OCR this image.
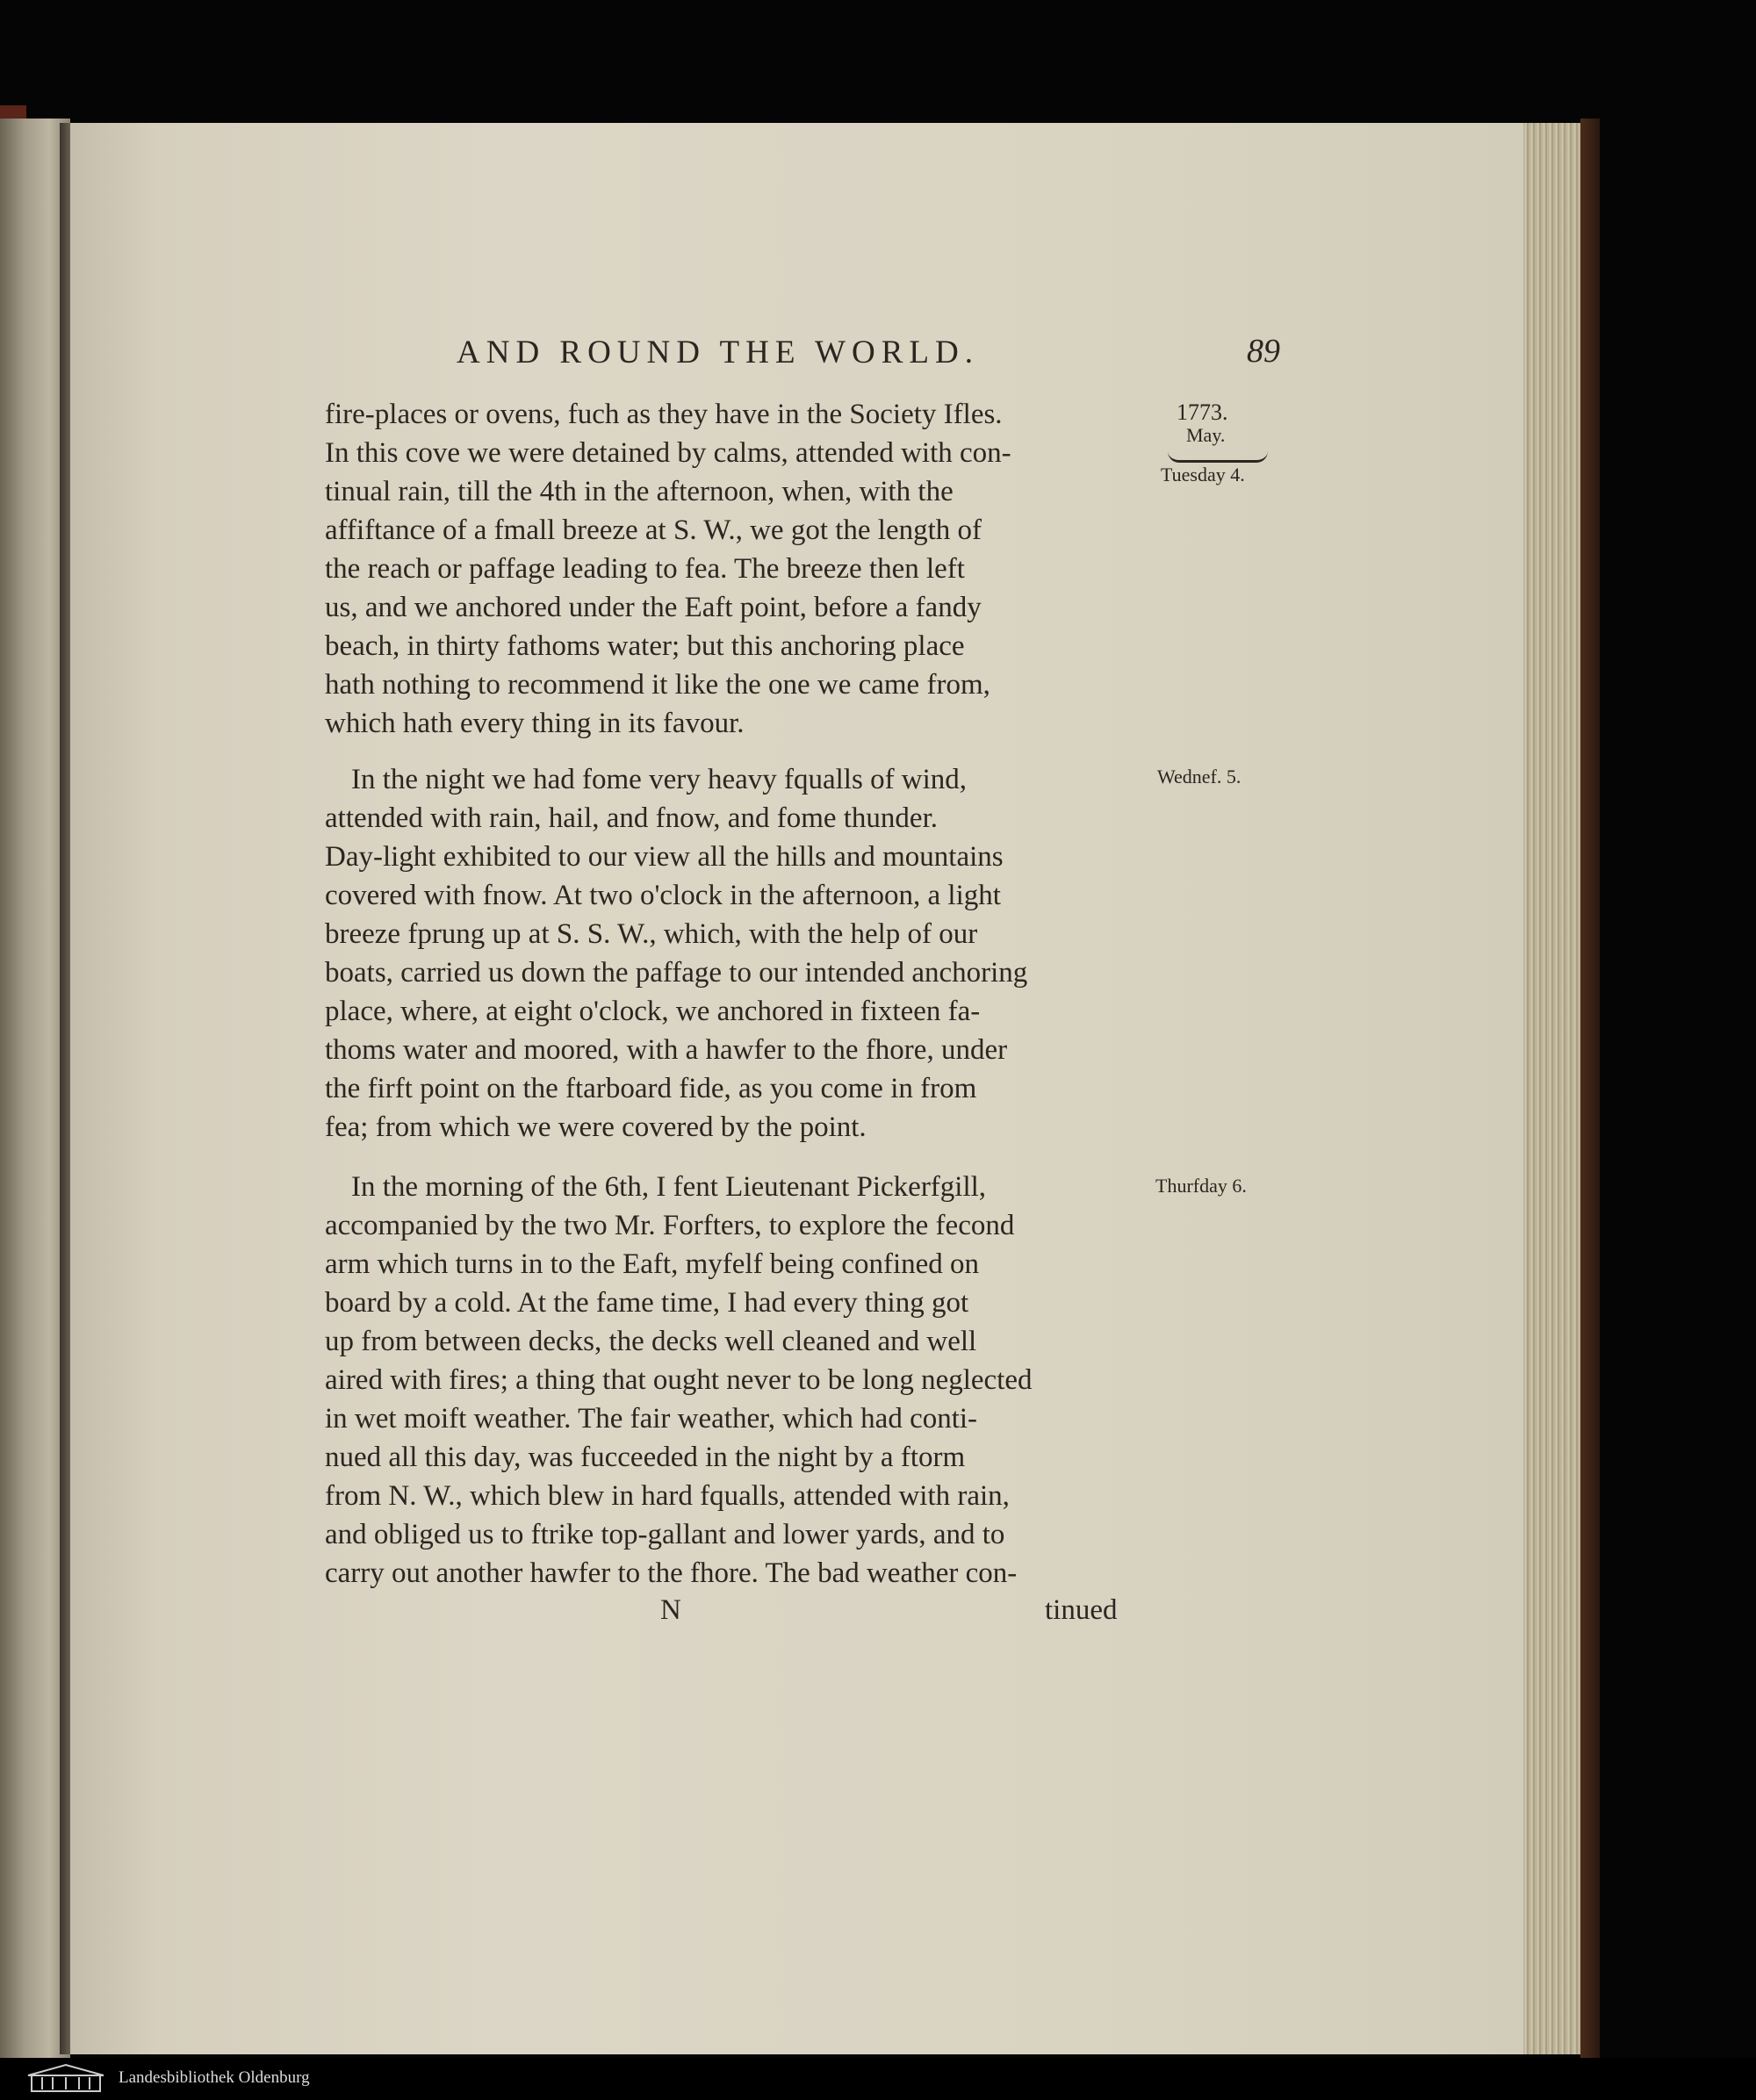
AND ROUND THE WORLD.	89
1773.
May.
Tuesday 4.
Wednef. 5.
Thurfday 6.

fire-places or ovens, fuch as they have in the Society Ifles.

In this cove we were detained by calms, attended with con-

tinual rain, till the 4th in the afternoon, when, with the

affiftance of a fmall breeze at S. W., we got the length of

the reach or paffage leading to fea. The breeze then left

us, and we anchored under the Eaft point, before a fandy

beach, in thirty fathoms water; but this anchoring place

hath nothing to recommend it like the one we came from,

which hath every thing in its favour.

In the night we had fome very heavy fqualls of wind,

attended with rain, hail, and fnow, and fome thunder.

Day-light exhibited to our view all the hills and mountains

covered with fnow. At two o'clock in the afternoon, a light

breeze fprung up at S. S. W., which, with the help of our

boats, carried us down the paffage to our intended anchoring

place, where, at eight o'clock, we anchored in fixteen fa-

thoms water and moored, with a hawfer to the fhore, under

the firft point on the ftarboard fide, as you come in from

fea; from which we were covered by the point.

In the morning of the 6th, I fent Lieutenant Pickerfgill,

accompanied by the two Mr. Forfters, to explore the fecond

arm which turns in to the Eaft, myfelf being confined on

board by a cold. At the fame time, I had every thing got

up from between decks, the decks well cleaned and well

aired with fires; a thing that ought never to be long neglected

in wet moift weather. The fair weather, which had conti-

nued all this day, was fucceeded in the night by a ftorm

from N. W., which blew in hard fqualls, attended with rain,

and obliged us to ftrike top-gallant and lower yards, and to

carry out another hawfer to the fhore. The bad weather con-

N	tinued
Landesbibliothek Oldenburg
